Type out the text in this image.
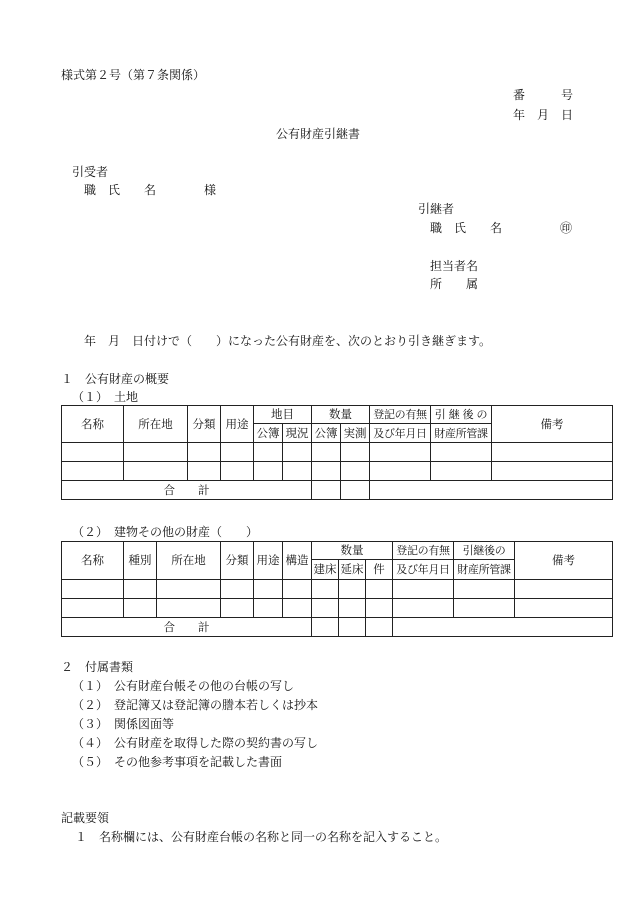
様式第２号（第７条関係）
番　　　号
年　月　日
公有財産引継書
引受者
職　氏　　名　　　　様
引継者
職　氏　　名	㊞
担当者名
所　　属
年　月　日付けで（　　）になった公有財産を、次のとおり引き継ぎます。
１　公有財産の概要
（１）　土地
名称	所在地	分類	用途	地目		数量		登記の有無	引 継 後 の	備考
				公簿	現況	公簿	実測	及び年月日	財産所管課	

合　　計										
（２）　建物その他の財産（　　）
名称	種別	所在地	分類	用途	構造	数量			登記の有無	引継後の	備考
						建床	延床	件	及び年月日	財産所管課	

合　　計											
２　付属書類
（１）　公有財産台帳その他の台帳の写し
（２）　登記簿又は登記簿の謄本若しくは抄本
（３）　関係図面等
（４）　公有財産を取得した際の契約書の写し
（５）　その他参考事項を記載した書面
記載要領
１　名称欄には、公有財産台帳の名称と同一の名称を記入すること。
